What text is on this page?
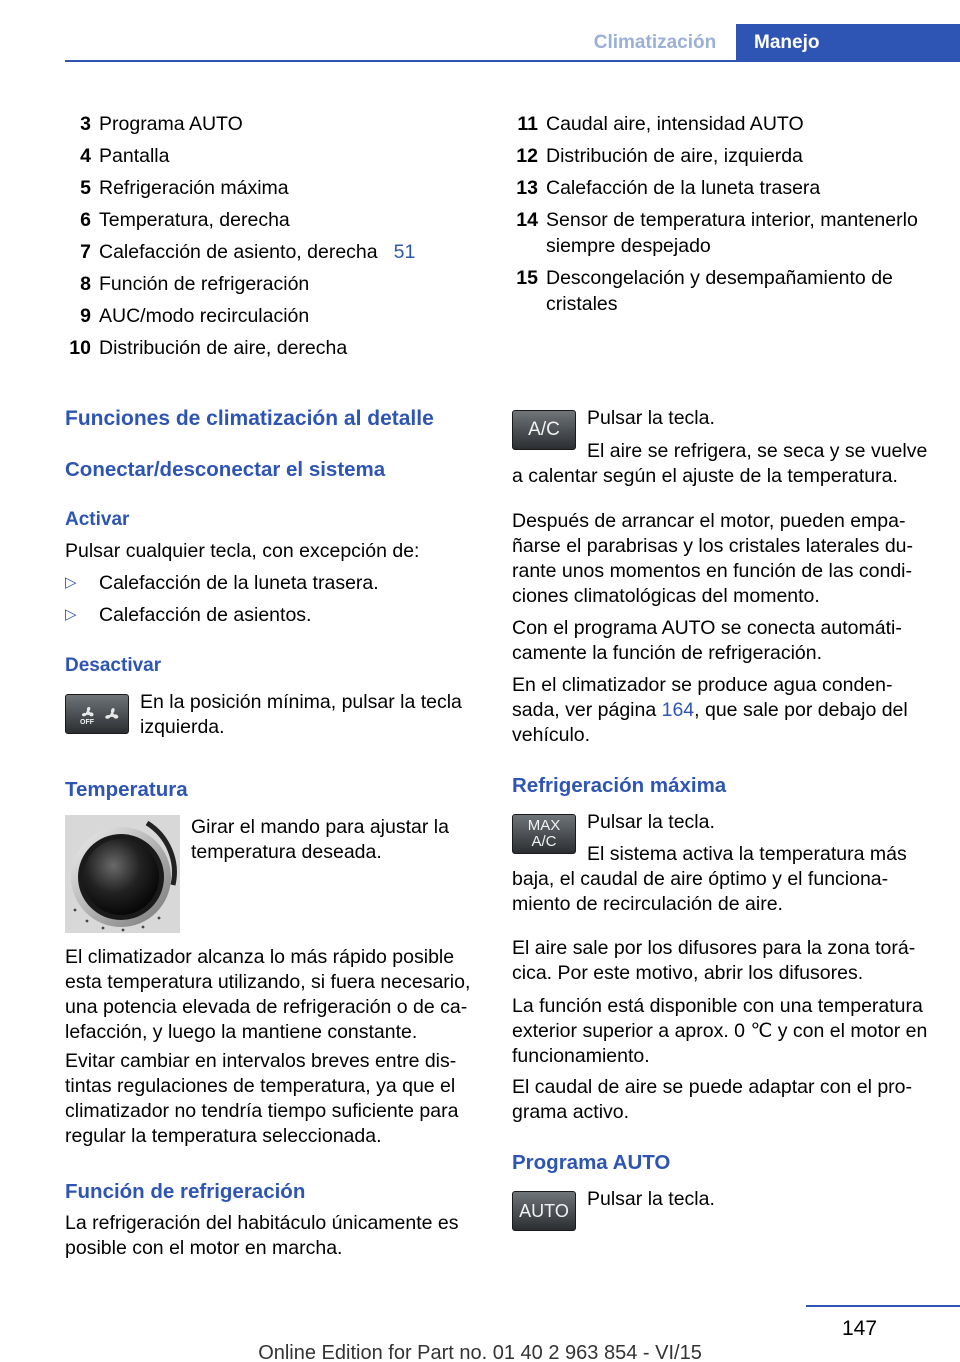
Climatización	Manejo
3 Programa AUTO
4 Pantalla
5 Refrigeración máxima
6 Temperatura, derecha
7 Calefacción de asiento, derecha 51
8 Función de refrigeración
9 AUC/modo recirculación
10 Distribución de aire, derecha
11 Caudal aire, intensidad AUTO
12 Distribución de aire, izquierda
13 Calefacción de la luneta trasera
14 Sensor de temperatura interior, mantenerlo siempre despejado
15 Descongelación y desempañamiento de cristales
Funciones de climatización al detalle
Conectar/desconectar el sistema
Activar

Pulsar cualquier tecla, con excepción de:

▷ Calefacción de la luneta trasera.
▷ Calefacción de asientos.
Desactivar
OFF

En la posición mínima, pulsar la tecla izquierda.

Temperatura

Girar el mando para ajustar la temperatura deseada.

El climatizador alcanza lo más rápido posible esta temperatura utilizando, si fuera necesario, una potencia elevada de refrigeración o de calefacción, y luego la mantiene constante.

Evitar cambiar en intervalos breves entre distintas regulaciones de temperatura, ya que el climatizador no tendría tiempo suficiente para regular la temperatura seleccionada.

Función de refrigeración

La refrigeración del habitáculo únicamente es posible con el motor en marcha.

A/C

Pulsar la tecla.

El aire se refrigera, se seca y se vuelve a calentar según el ajuste de la temperatura.

Después de arrancar el motor, pueden empañarse el parabrisas y los cristales laterales durante unos momentos en función de las condiciones climatológicas del momento.

Con el programa AUTO se conecta automáticamente la función de refrigeración.

En el climatizador se produce agua condensada, ver página 164, que sale por debajo del vehículo.

Refrigeración máxima
MAX
A/C

Pulsar la tecla.

El sistema activa la temperatura más baja, el caudal de aire óptimo y el funcionamiento de recirculación de aire.

El aire sale por los difusores para la zona torácica. Por este motivo, abrir los difusores.

La función está disponible con una temperatura exterior superior a aprox. 0 ℃ y con el motor en funcionamiento.

El caudal de aire se puede adaptar con el programa activo.

Programa AUTO
AUTO

Pulsar la tecla.

147
Online Edition for Part no. 01 40 2 963 854 - VI/15
